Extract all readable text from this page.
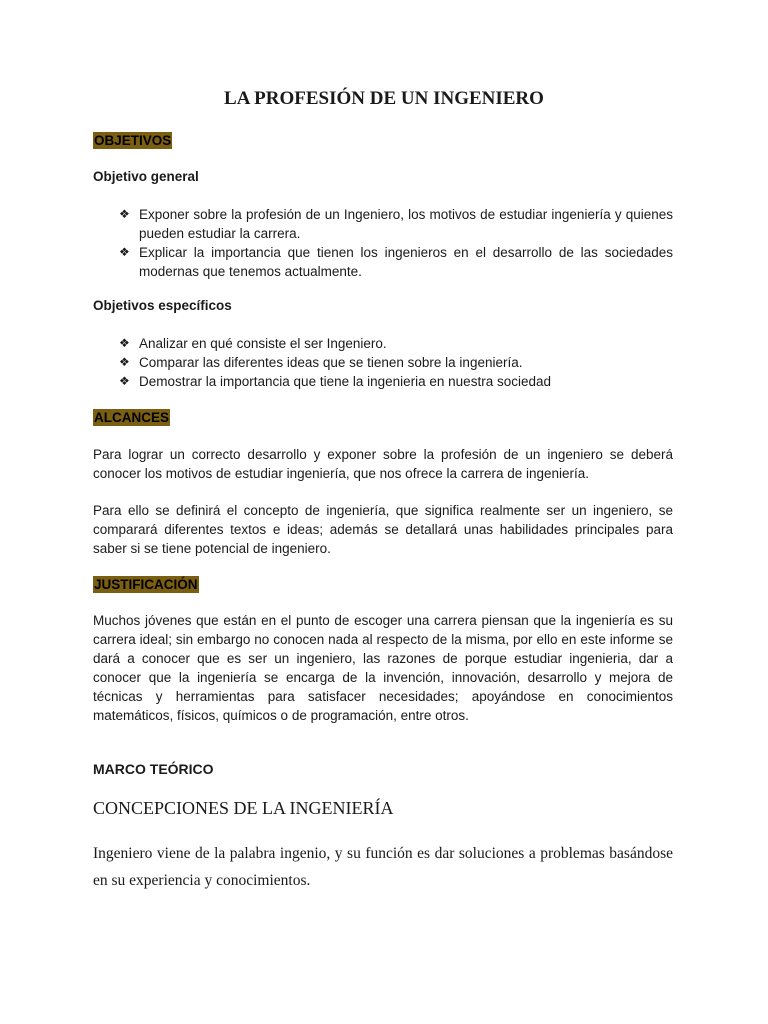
LA PROFESIÓN DE UN INGENIERO
OBJETIVOS

Objetivo general

❖ Exponer sobre la profesión de un Ingeniero, los motivos de estudiar ingeniería y quienes pueden estudiar la carrera.
❖ Explicar la importancia que tienen los ingenieros en el desarrollo de las sociedades modernas que tenemos actualmente.

Objetivos específicos

❖ Analizar en qué consiste el ser Ingeniero.
❖ Comparar las diferentes ideas que se tienen sobre la ingeniería.
❖ Demostrar la importancia que tiene la ingenieria en nuestra sociedad
ALCANCES

Para lograr un correcto desarrollo y exponer sobre la profesión de un ingeniero se deberá conocer los motivos de estudiar ingeniería, que nos ofrece la carrera de ingeniería.

Para ello se definirá el concepto de ingeniería, que significa realmente ser un ingeniero, se comparará diferentes textos e ideas; además se detallará unas habilidades principales para saber si se tiene potencial de ingeniero.

JUSTIFICACIÓN

Muchos jóvenes que están en el punto de escoger una carrera piensan que la ingeniería es su carrera ideal; sin embargo no conocen nada al respecto de la misma, por ello en este informe se dará a conocer que es ser un ingeniero, las razones de porque estudiar ingenieria, dar a conocer que la ingeniería se encarga de la invención, innovación, desarrollo y mejora de técnicas y herramientas para satisfacer necesidades; apoyándose en conocimientos matemáticos, físicos, químicos o de programación, entre otros.

MARCO TEÓRICO

CONCEPCIONES DE LA INGENIERÍA

Ingeniero viene de la palabra ingenio, y su función es dar soluciones a problemas basándose en su experiencia y conocimientos.
